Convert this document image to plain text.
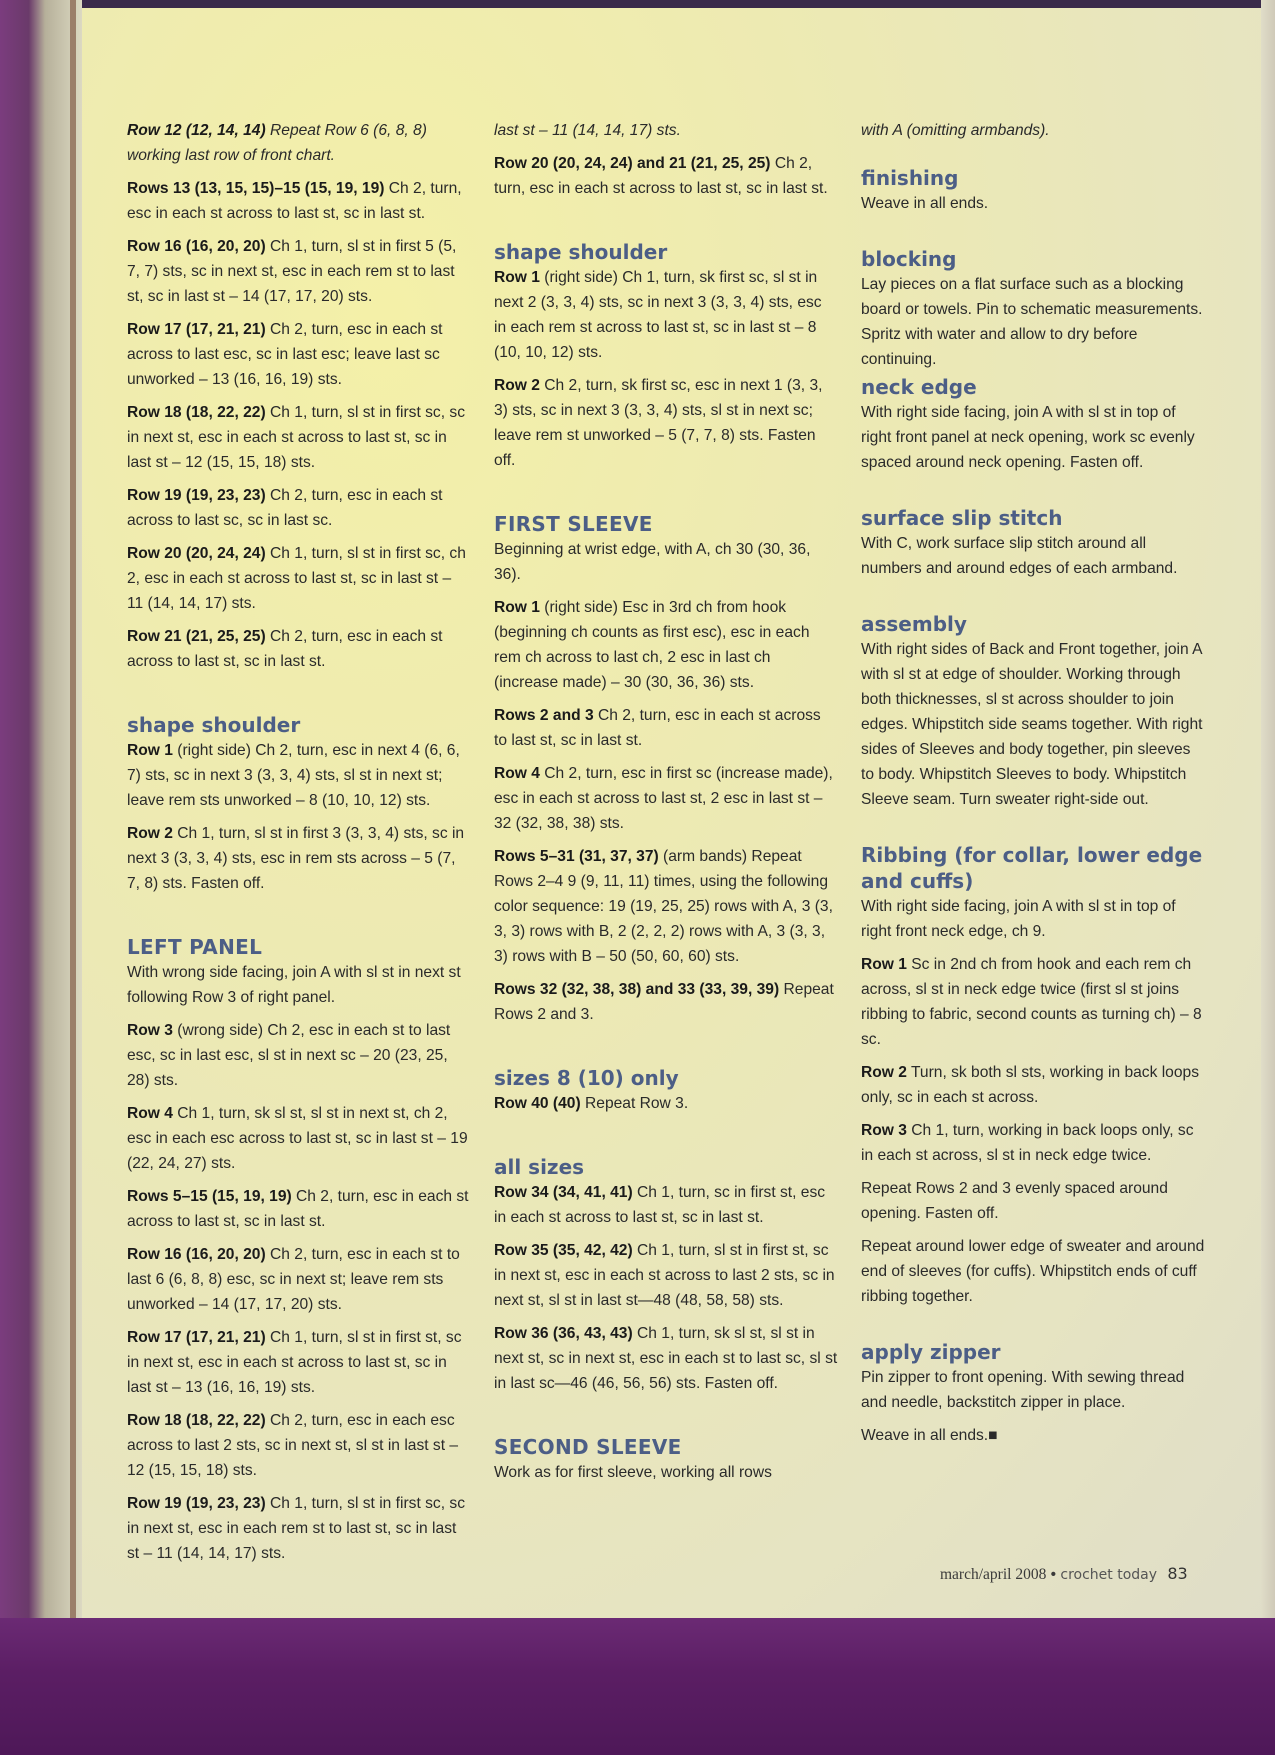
Row 12 (12, 14, 14) Repeat Row 6 (6, 8, 8) working last row of front chart.

Rows 13 (13, 15, 15)–15 (15, 19, 19) Ch 2, turn, esc in each st across to last st, sc in last st.

Row 16 (16, 20, 20) Ch 1, turn, sl st in first 5 (5, 7, 7) sts, sc in next st, esc in each rem st to last st, sc in last st – 14 (17, 17, 20) sts.

Row 17 (17, 21, 21) Ch 2, turn, esc in each st across to last esc, sc in last esc; leave last sc unworked – 13 (16, 16, 19) sts.

Row 18 (18, 22, 22) Ch 1, turn, sl st in first sc, sc in next st, esc in each st across to last st, sc in last st – 12 (15, 15, 18) sts.

Row 19 (19, 23, 23) Ch 2, turn, esc in each st across to last sc, sc in last sc.

Row 20 (20, 24, 24) Ch 1, turn, sl st in first sc, ch 2, esc in each st across to last st, sc in last st – 11 (14, 14, 17) sts.

Row 21 (21, 25, 25) Ch 2, turn, esc in each st across to last st, sc in last st.

shape shoulder

Row 1 (right side) Ch 2, turn, esc in next 4 (6, 6, 7) sts, sc in next 3 (3, 3, 4) sts, sl st in next st; leave rem sts unworked – 8 (10, 10, 12) sts.

Row 2 Ch 1, turn, sl st in first 3 (3, 3, 4) sts, sc in next 3 (3, 3, 4) sts, esc in rem sts across – 5 (7, 7, 8) sts. Fasten off.

LEFT PANEL

With wrong side facing, join A with sl st in next st following Row 3 of right panel.

Row 3 (wrong side) Ch 2, esc in each st to last esc, sc in last esc, sl st in next sc – 20 (23, 25, 28) sts.

Row 4 Ch 1, turn, sk sl st, sl st in next st, ch 2, esc in each esc across to last st, sc in last st – 19 (22, 24, 27) sts.

Rows 5–15 (15, 19, 19) Ch 2, turn, esc in each st across to last st, sc in last st.

Row 16 (16, 20, 20) Ch 2, turn, esc in each st to last 6 (6, 8, 8) esc, sc in next st; leave rem sts unworked – 14 (17, 17, 20) sts.

Row 17 (17, 21, 21) Ch 1, turn, sl st in first st, sc in next st, esc in each st across to last st, sc in last st – 13 (16, 16, 19) sts.

Row 18 (18, 22, 22) Ch 2, turn, esc in each esc across to last 2 sts, sc in next st, sl st in last st – 12 (15, 15, 18) sts.

Row 19 (19, 23, 23) Ch 1, turn, sl st in first sc, sc in next st, esc in each rem st to last st, sc in last st – 11 (14, 14, 17) sts.

last st – 11 (14, 14, 17) sts.

Row 20 (20, 24, 24) and 21 (21, 25, 25) Ch 2, turn, esc in each st across to last st, sc in last st.

shape shoulder

Row 1 (right side) Ch 1, turn, sk first sc, sl st in next 2 (3, 3, 4) sts, sc in next 3 (3, 3, 4) sts, esc in each rem st across to last st, sc in last st – 8 (10, 10, 12) sts.

Row 2 Ch 2, turn, sk first sc, esc in next 1 (3, 3, 3) sts, sc in next 3 (3, 3, 4) sts, sl st in next sc; leave rem st unworked – 5 (7, 7, 8) sts. Fasten off.

FIRST SLEEVE

Beginning at wrist edge, with A, ch 30 (30, 36, 36).

Row 1 (right side) Esc in 3rd ch from hook (beginning ch counts as first esc), esc in each rem ch across to last ch, 2 esc in last ch (increase made) – 30 (30, 36, 36) sts.

Rows 2 and 3 Ch 2, turn, esc in each st across to last st, sc in last st.

Row 4 Ch 2, turn, esc in first sc (increase made), esc in each st across to last st, 2 esc in last st – 32 (32, 38, 38) sts.

Rows 5–31 (31, 37, 37) (arm bands) Repeat Rows 2–4 9 (9, 11, 11) times, using the following color sequence: 19 (19, 25, 25) rows with A, 3 (3, 3, 3) rows with B, 2 (2, 2, 2) rows with A, 3 (3, 3, 3) rows with B – 50 (50, 60, 60) sts.

Rows 32 (32, 38, 38) and 33 (33, 39, 39) Repeat Rows 2 and 3.

sizes 8 (10) only

Row 40 (40) Repeat Row 3.

all sizes

Row 34 (34, 41, 41) Ch 1, turn, sc in first st, esc in each st across to last st, sc in last st.

Row 35 (35, 42, 42) Ch 1, turn, sl st in first st, sc in next st, esc in each st across to last 2 sts, sc in next st, sl st in last st—48 (48, 58, 58) sts.

Row 36 (36, 43, 43) Ch 1, turn, sk sl st, sl st in next st, sc in next st, esc in each st to last sc, sl st in last sc—46 (46, 56, 56) sts. Fasten off.

SECOND SLEEVE

Work as for first sleeve, working all rows

with A (omitting armbands).

finishing

Weave in all ends.

blocking

Lay pieces on a flat surface such as a blocking board or towels. Pin to schematic measurements. Spritz with water and allow to dry before continuing.

neck edge

With right side facing, join A with sl st in top of right front panel at neck opening, work sc evenly spaced around neck opening. Fasten off.

surface slip stitch

With C, work surface slip stitch around all numbers and around edges of each armband.

assembly

With right sides of Back and Front together, join A with sl st at edge of shoulder. Working through both thicknesses, sl st across shoulder to join edges. Whipstitch side seams together. With right sides of Sleeves and body together, pin sleeves to body. Whipstitch Sleeves to body. Whipstitch Sleeve seam. Turn sweater right-side out.

Ribbing (for collar, lower edge and cuffs)

With right side facing, join A with sl st in top of right front neck edge, ch 9.

Row 1 Sc in 2nd ch from hook and each rem ch across, sl st in neck edge twice (first sl st joins ribbing to fabric, second counts as turning ch) – 8 sc.

Row 2 Turn, sk both sl sts, working in back loops only, sc in each st across.

Row 3 Ch 1, turn, working in back loops only, sc in each st across, sl st in neck edge twice.

Repeat Rows 2 and 3 evenly spaced around opening. Fasten off.

Repeat around lower edge of sweater and around end of sleeves (for cuffs). Whipstitch ends of cuff ribbing together.

apply zipper

Pin zipper to front opening. With sewing thread and needle, backstitch zipper in place.

Weave in all ends.■

march/april 2008 • crochet today 83
